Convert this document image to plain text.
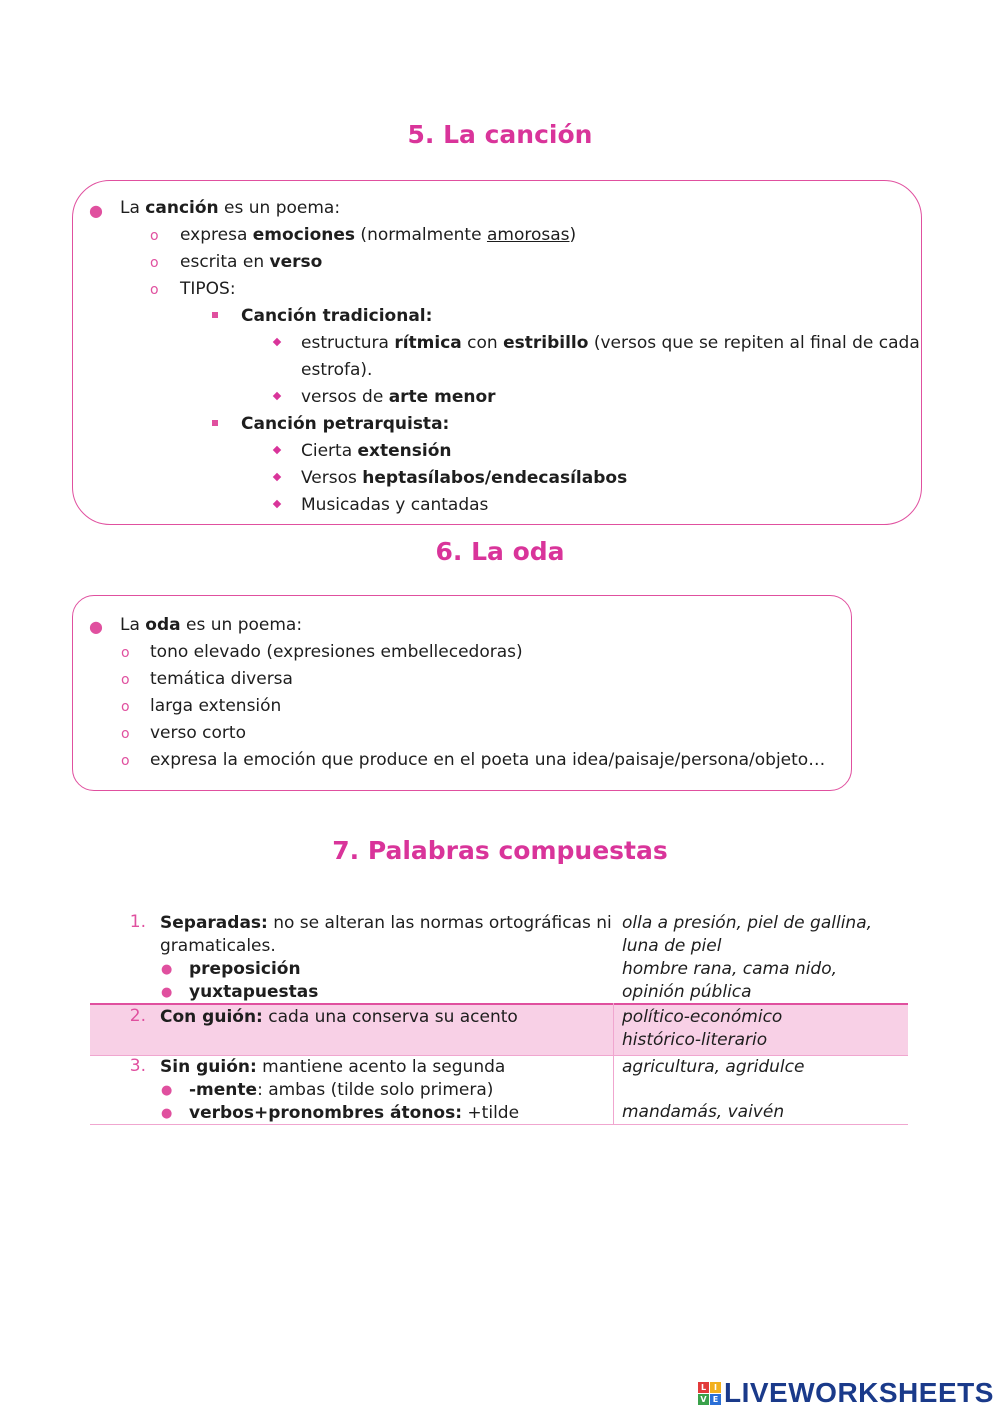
5. La canción
● La canción es un poema:
o expresa emociones (normalmente amorosas)
o escrita en verso
o TIPOS:
Canción tradicional:
estructura rítmica con estribillo (versos que se repiten al final de cada
estrofa).
versos de arte menor
Canción petrarquista:
Cierta extensión
Versos heptasílabos/endecasílabos
Musicadas y cantadas
6. La oda
● La oda es un poema:
o tono elevado (expresiones embellecedoras)
o temática diversa
o larga extensión
o verso corto
o expresa la emoción que produce en el poeta una idea/paisaje/persona/objeto…
7. Palabras compuestas
1. Separadas: no se alteran las normas ortográficas ni
gramaticales.
● preposición
● yuxtapuestas
olla a presión, piel de gallina,
luna de piel
hombre rana, cama nido,
opinión pública
2. Con guión: cada una conserva su acento	político-económico
histórico-literario
3. Sin guión: mantiene acento la segunda
● -mente: ambas (tilde solo primera)
● verbos+pronombres átonos: +tilde
agricultura, agridulce
mandamás, vaivén
L I
V E LIVEWORKSHEETS
